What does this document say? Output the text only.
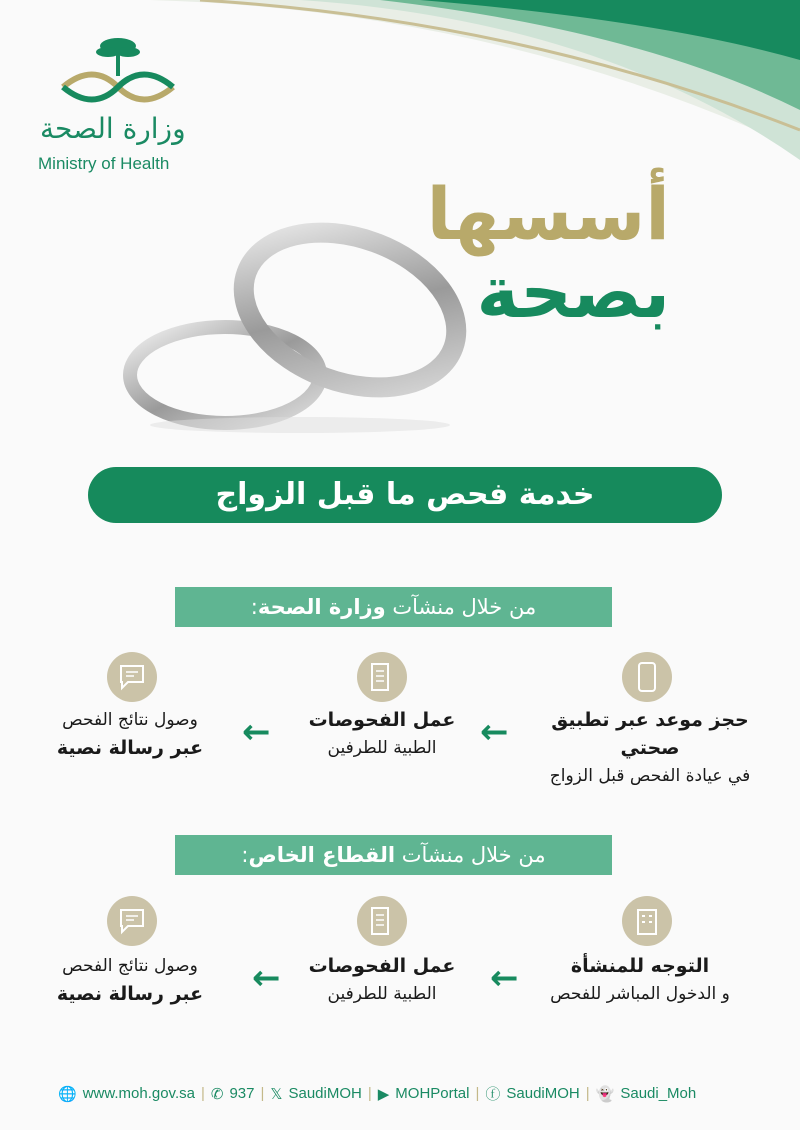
وزارة الصحة
Ministry of Health
أسسها
بصحة
خدمة فحص ما قبل الزواج
من خلال منشآت وزارة الصحة:
من خلال منشآت القطاع الخاص:
حجز موعد عبر تطبيق صحتي
في عيادة الفحص قبل الزواج
←
عمل الفحوصات
الطبية للطرفين
←
وصول نتائج الفحص
عبر رسالة نصية
التوجه للمنشأة
و الدخول المباشر للفحص
←
عمل الفحوصات
الطبية للطرفين
←
وصول نتائج الفحص
عبر رسالة نصية
🌐 www.moh.gov.sa | ✆ 937 | 𝕏 SaudiMOH | ▶ MOHPortal | ⓕ SaudiMOH | 👻 Saudi_Moh
